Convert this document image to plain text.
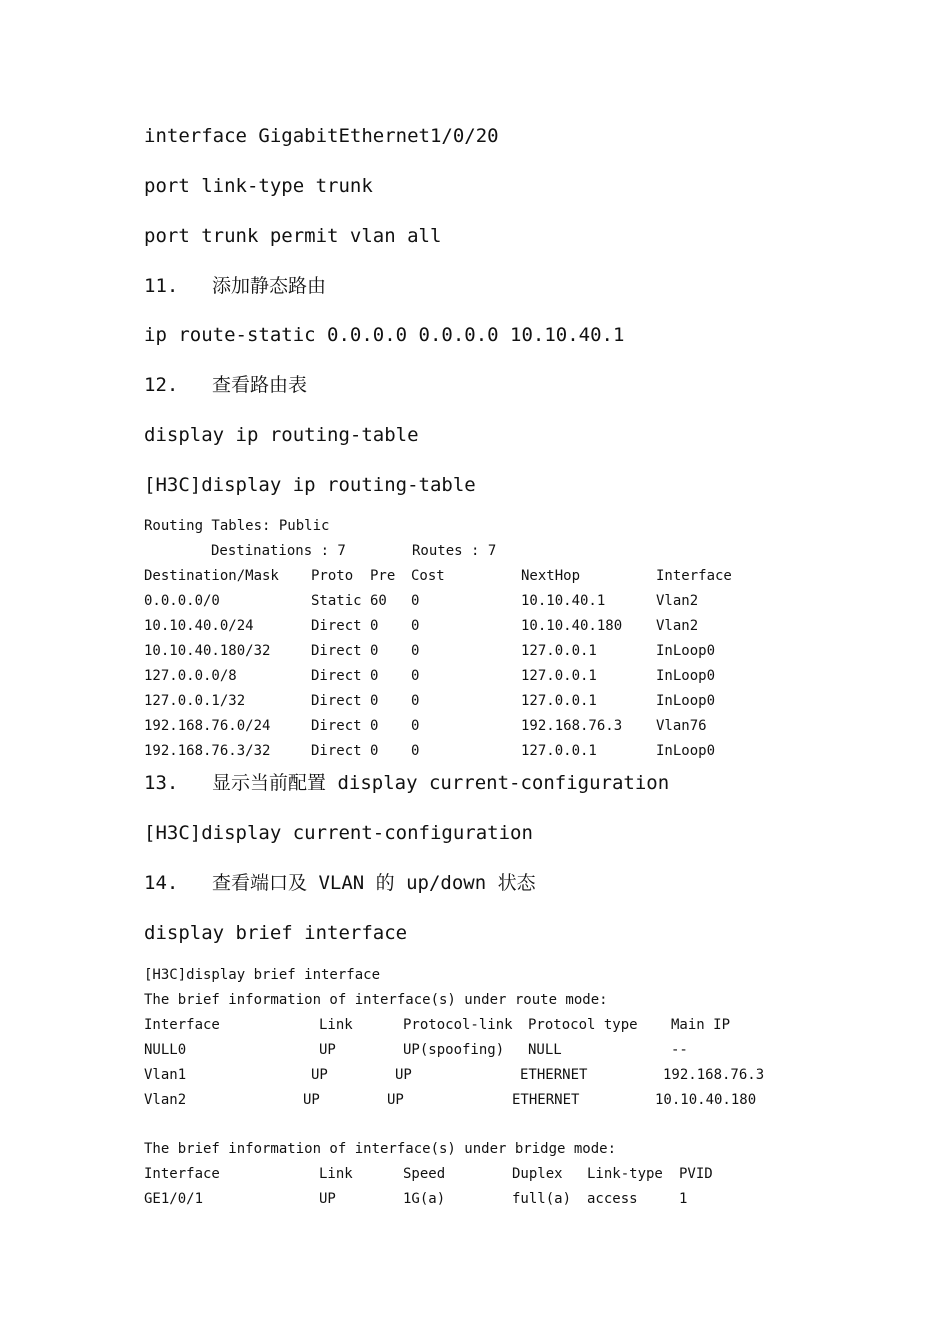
interface GigabitEthernet1/0/20
port link-type trunk
port trunk permit vlan all
11. 添加静态路由
ip route-static 0.0.0.0 0.0.0.0 10.10.40.1
12. 查看路由表
display ip routing-table
[H3C]display ip routing-table
Routing Tables: Public

Destinations : 7

	Routes : 7

Destination/Mask Proto Pre Cost	NextHop	Interface
0.0.0.0/0	Static 60 0	10.10.40.1	Vlan2
10.10.40.0/24	Direct 0 0	10.10.40.180 Vlan2
10.10.40.180/32	Direct 0 0	127.0.0.1	InLoop0
127.0.0.0/8	Direct 0 0	127.0.0.1	InLoop0
127.0.0.1/32	Direct 0 0	127.0.0.1	InLoop0
192.168.76.0/24	Direct 0 0	192.168.76.3 Vlan76
192.168.76.3/32	Direct 0 0	127.0.0.1	InLoop0
13. 显示当前配置 display current-configuration
[H3C]display current-configuration
14. 查看端口及 VLAN 的 up/down 状态
display brief interface
[H3C]display brief interface
The brief information of interface(s) under route mode:
Interface	Link	Protocol-link Protocol type Main IP
NULL0	UP	UP(spoofing) NULL	--
Vlan1	UP	UP	ETHERNET	192.168.76.3
Vlan2	UP	UP	ETHERNET	10.10.40.180
The brief information of interface(s) under bridge mode:
Interface	Link	Speed	Duplex Link-type PVID
GE1/0/1	UP	1G(a)	full(a) access	1
